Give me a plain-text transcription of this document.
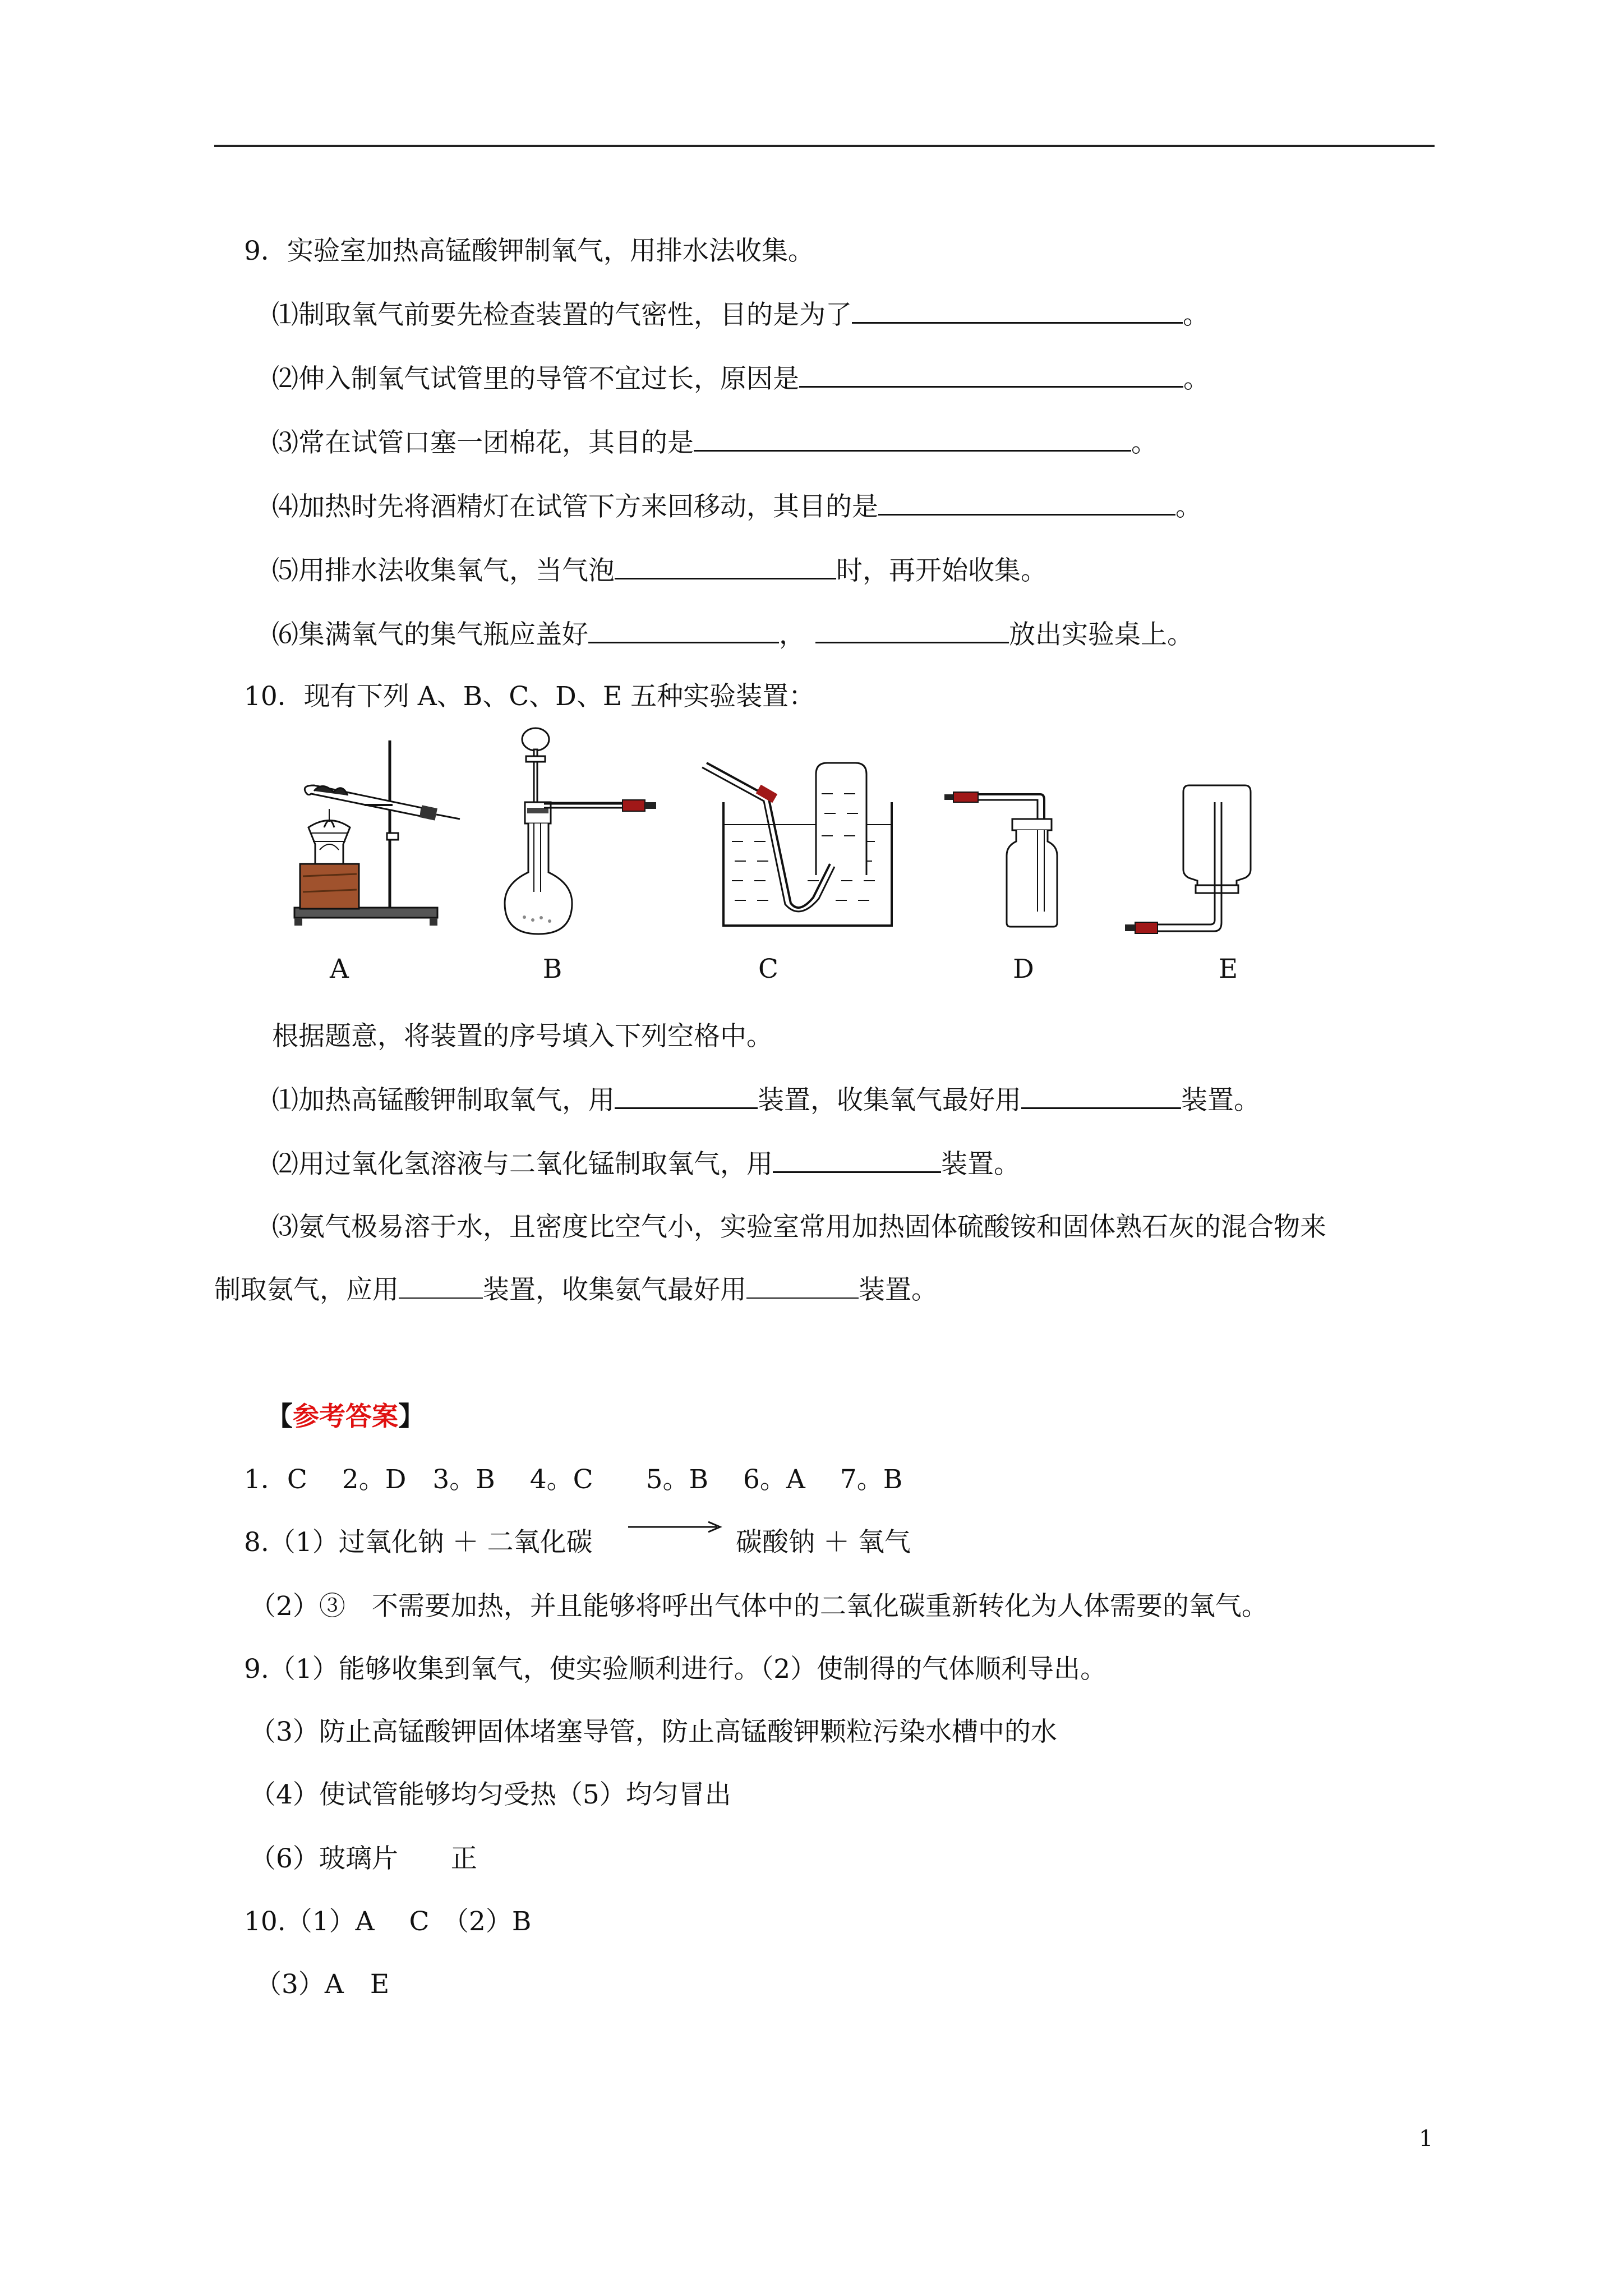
9．实验室加热高锰酸钾制氧气，用排水法收集。
⑴制取氧气前要先检查装置的气密性，目的是为了	。
⑵伸入制氧气试管里的导管不宜过长，原因是	。
⑶常在试管口塞一团棉花，其目的是	。
⑷加热时先将酒精灯在试管下方来回移动，其目的是	。
⑸用排水法收集氧气，当气泡	时，再开始收集。
⑹集满氧气的集气瓶应盖好	，	放出实验桌上。
10．现有下列 A、B、C、D、E 五种实验装置：
A	B	C	D	E
根据题意，将装置的序号填入下列空格中。
⑴加热高锰酸钾制取氧气，用	装置，收集氧气最好用	装置。
⑵用过氧化氢溶液与二氧化锰制取氧气，用	装置。
⑶氨气极易溶于水，且密度比空气小，实验室常用加热固体硫酸铵和固体熟石灰的混合物来
制取氨气，应用	装置，收集氨气最好用	装置。
【参考答案】
1．C　 2。D　3。B　 4。C　　5。B　 6。A　 7。B
8.（1）过氧化钠 ＋ 二氧化碳	碳酸钠 ＋ 氧气
（2）③　不需要加热，并且能够将呼出气体中的二氧化碳重新转化为人体需要的氧气。
9.（1）能够收集到氧气，使实验顺利进行。（2）使制得的气体顺利导出。
（3）防止高锰酸钾固体堵塞导管，防止高锰酸钾颗粒污染水槽中的水
（4）使试管能够均匀受热（5）均匀冒出
（6）玻璃片　　正
10.（1）A　 C　（2）B
（3）A　E
1
